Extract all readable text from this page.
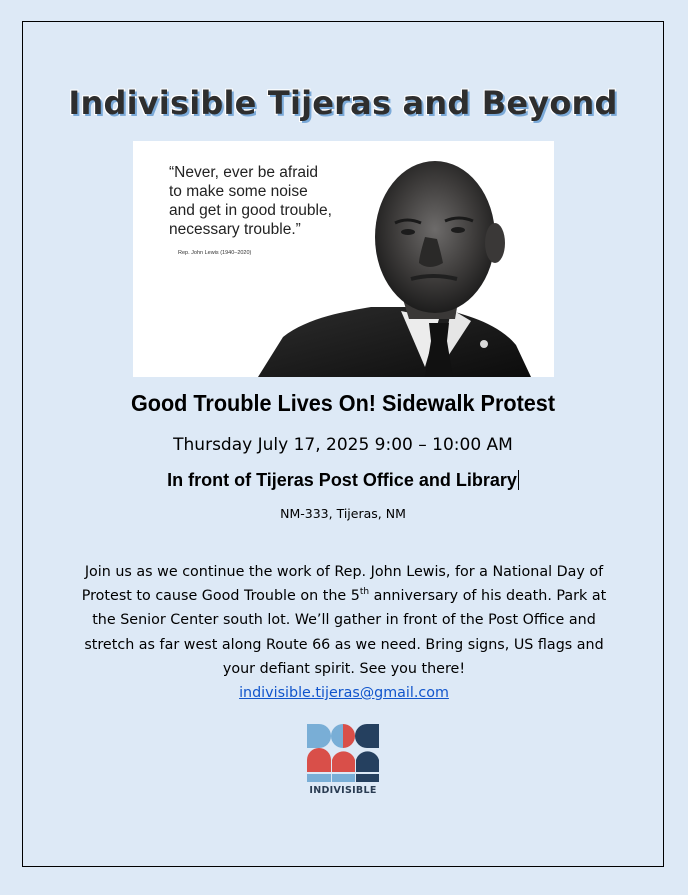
Indivisible Tijeras and Beyond
“Never, ever be afraid
to make some noise
and get in good trouble,
necessary trouble.”
Rep. John Lewis (1940–2020)
Good Trouble Lives On! Sidewalk Protest
Thursday July 17, 2025 9:00 – 10:00 AM
In front of Tijeras Post Office and Library
NM-333, Tijeras, NM
Join us as we continue the work of Rep. John Lewis, for a National Day of Protest to cause Good Trouble on the 5th anniversary of his death. Park at the Senior Center south lot. We’ll gather in front of the Post Office and stretch as far west along Route 66 as we need. Bring signs, US flags and your defiant spirit. See you there!
indivisible.tijeras@gmail.com
INDIVISIBLE
